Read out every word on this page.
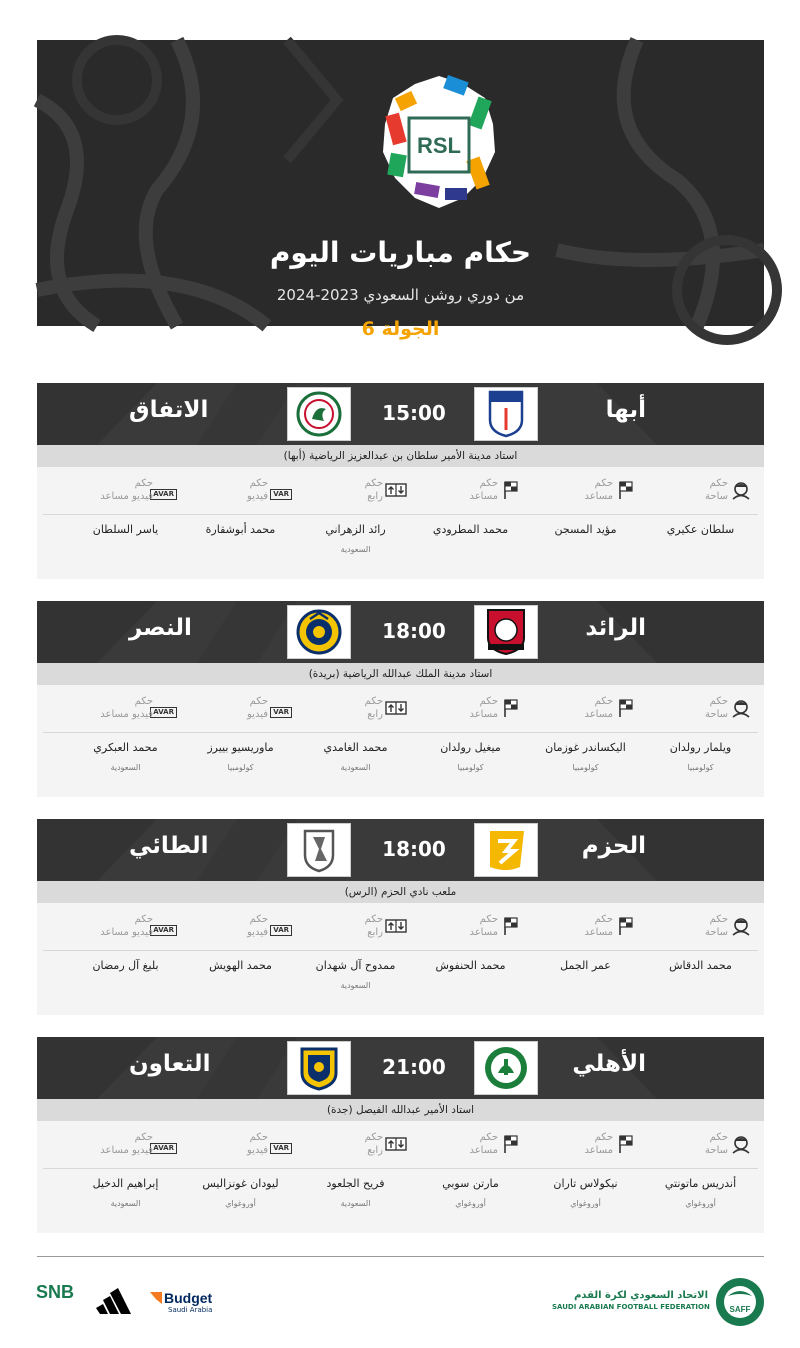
RSL
حكام مباريات اليوم
من دوري روشن السعودي 2023-2024
الجولة 6
أبها
15:00
الاتفاق
استاد مدينة الأمير سلطان بن عبدالعزيز الرياضية (أبها)
حكم
ساحة
حكم
مساعد
حكم
مساعد
حكم
رابع
VAR
حكم
فيديو
AVAR
حكم
فيديو مساعد
سلطان عكيري
مؤيد المسجن
محمد المطرودي
رائد الزهراني
السعودية
محمد أبوشقارة
ياسر السلطان
الرائد
18:00
النصر
استاد مدينة الملك عبدالله الرياضية (بريدة)
حكم
ساحة
حكم
مساعد
حكم
مساعد
حكم
رابع
VAR
حكم
فيديو
AVAR
حكم
فيديو مساعد
ويلمار رولدان
كولومبيا
اليكساندر غوزمان
كولومبيا
ميغيل رولدان
كولومبيا
محمد الغامدي
السعودية
ماوريسيو بييرز
كولومبيا
محمد العبكري
السعودية
الحزم
18:00
الطائي
ملعب نادي الحزم (الرس)
حكم
ساحة
حكم
مساعد
حكم
مساعد
حكم
رابع
VAR
حكم
فيديو
AVAR
حكم
فيديو مساعد
محمد الدقاش
عمر الجمل
محمد الحنفوش
ممدوح آل شهدان
السعودية
محمد الهويش
بليغ آل رمضان
الأهلي
21:00
التعاون
استاد الأمير عبدالله الفيصل (جدة)
حكم
ساحة
حكم
مساعد
حكم
مساعد
حكم
رابع
VAR
حكم
فيديو
AVAR
حكم
فيديو مساعد
أندريس ماتونتي
أوروغواي
نيكولاس تاران
أوروغواي
مارتن سوبي
أوروغواي
فريح الجلعود
السعودية
ليودان غونزاليس
أوروغواي
إبراهيم الدخيل
السعودية
SNB	Budget
Saudi Arabia
الاتحاد السعودي لكرة القدم
SAUDI ARABIAN FOOTBALL FEDERATION SAFF
